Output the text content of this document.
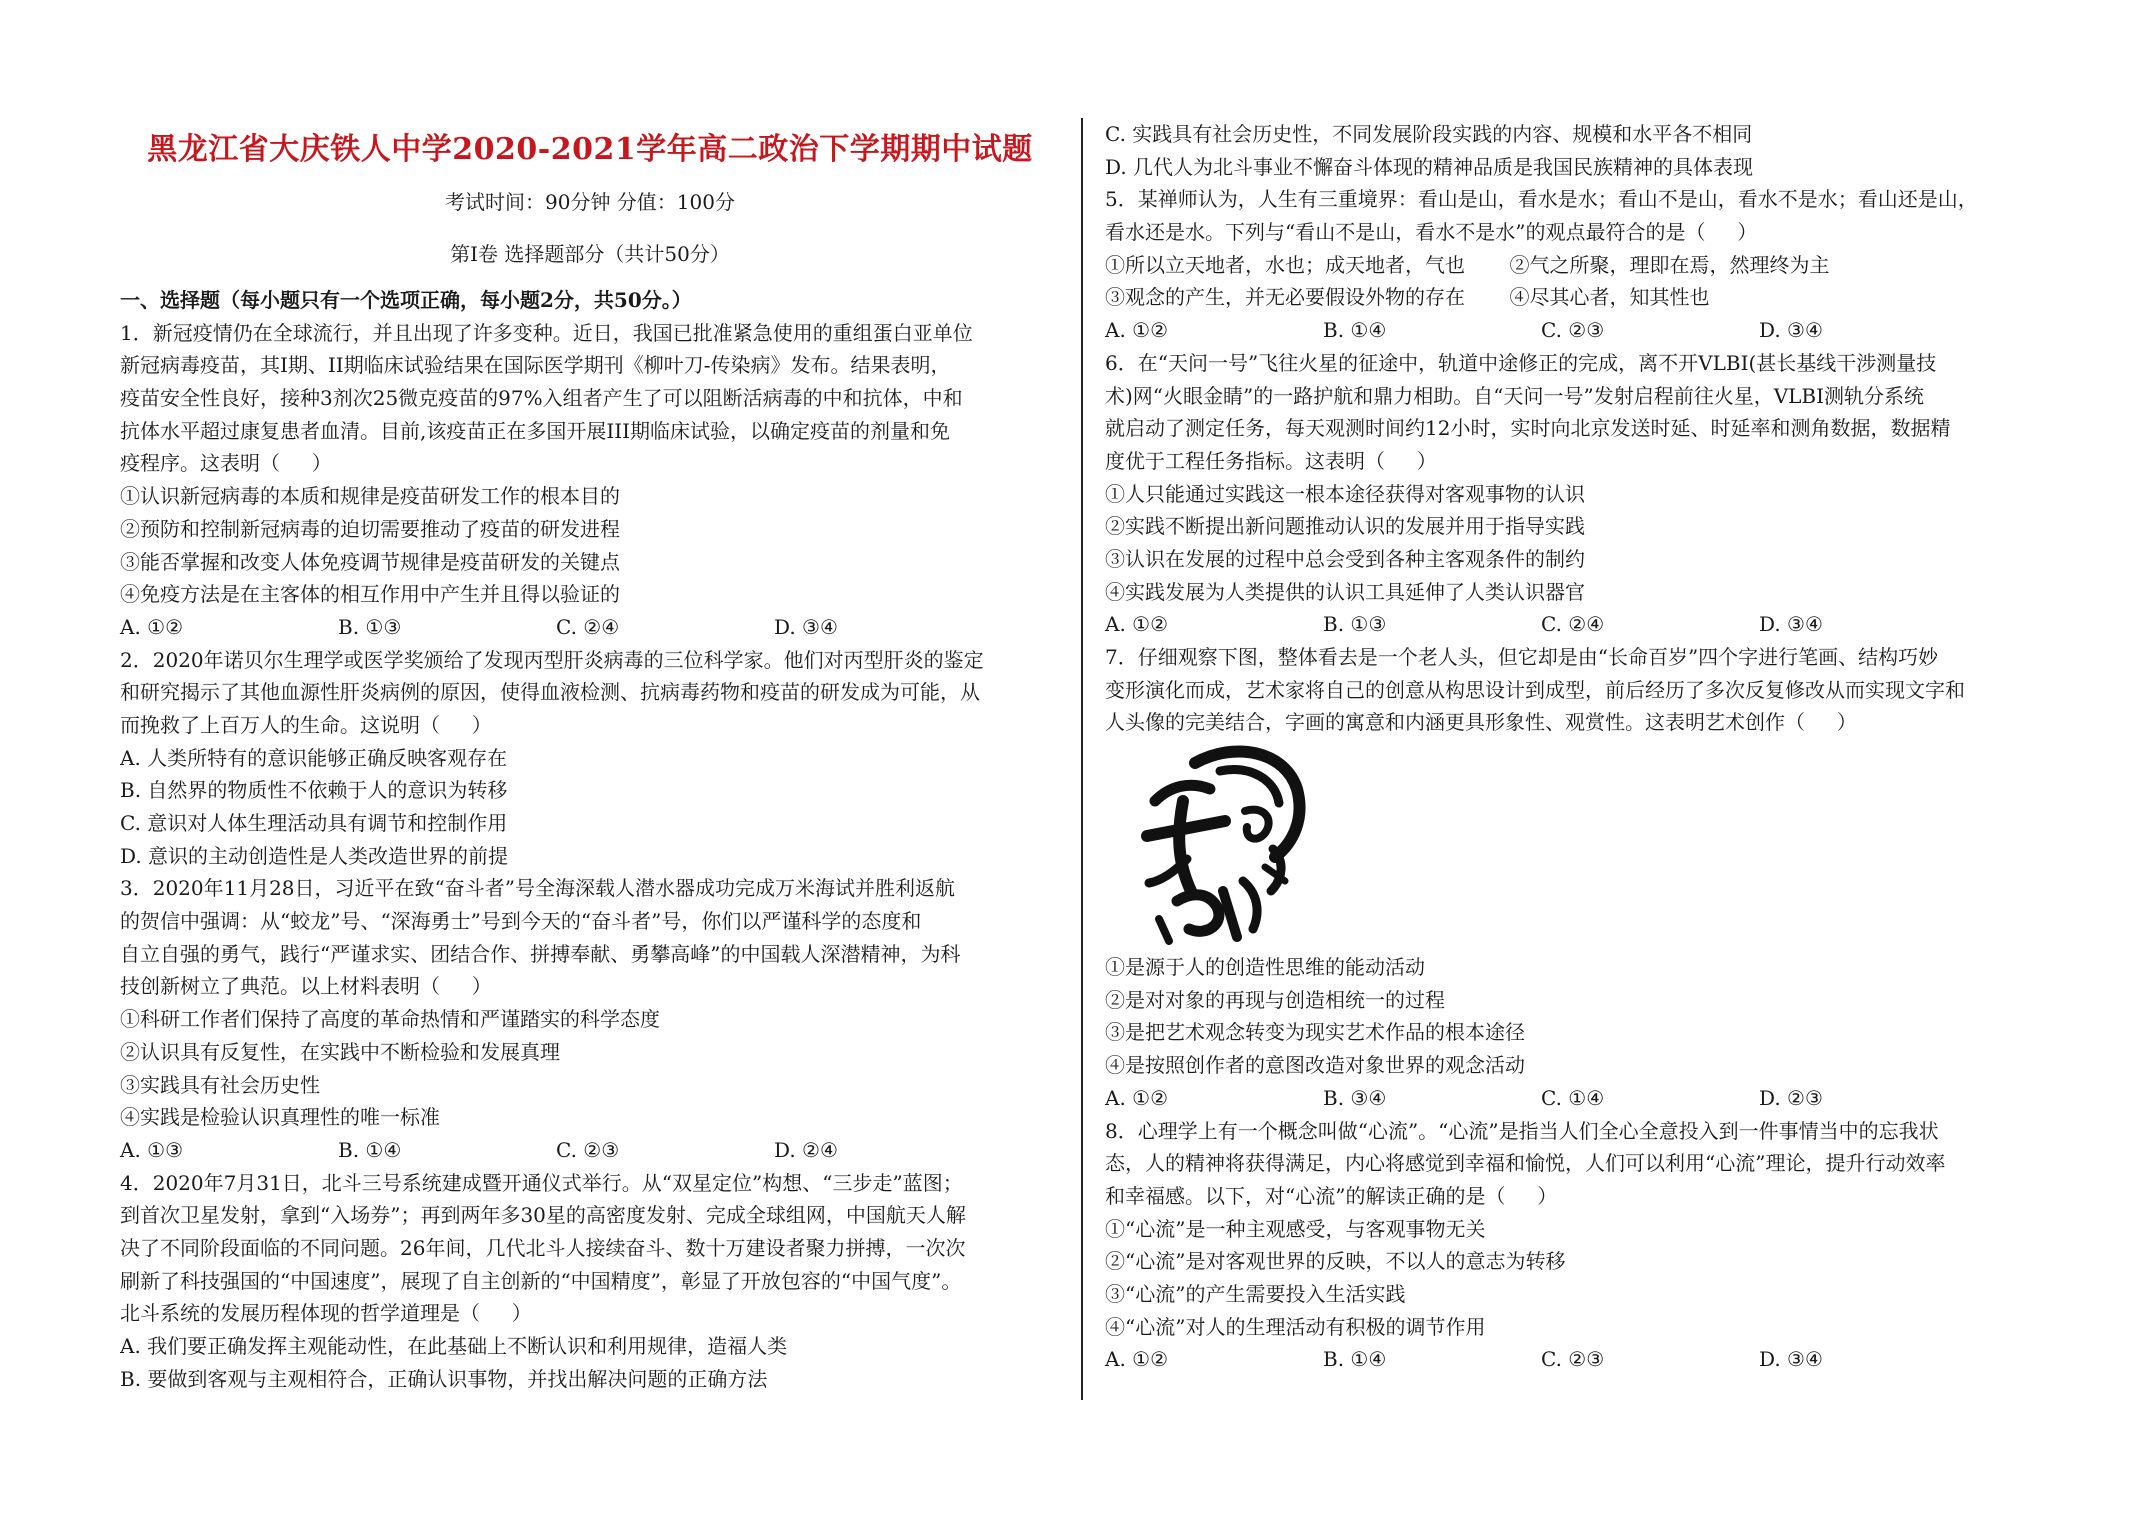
黑龙江省大庆铁人中学2020-2021学年高二政治下学期期中试题
考试时间：90分钟 分值：100分
第Ⅰ卷 选择题部分（共计50分）
一、选择题（每小题只有一个选项正确，每小题2分，共50分。）
1．新冠疫情仍在全球流行，并且出现了许多变种。近日，我国已批准紧急使用的重组蛋白亚单位
新冠病毒疫苗，其Ⅰ期、II期临床试验结果在国际医学期刊《柳叶刀-传染病》发布。结果表明，
疫苗安全性良好，接种3剂次25微克疫苗的97%入组者产生了可以阻断活病毒的中和抗体，中和
抗体水平超过康复患者血清。目前,该疫苗正在多国开展III期临床试验，以确定疫苗的剂量和免
疫程序。这表明（     ）
①认识新冠病毒的本质和规律是疫苗研发工作的根本目的
②预防和控制新冠病毒的迫切需要推动了疫苗的研发进程
③能否掌握和改变人体免疫调节规律是疫苗研发的关键点
④免疫方法是在主客体的相互作用中产生并且得以验证的
A. ①②	B. ①③	C. ②④	D. ③④
2．2020年诺贝尔生理学或医学奖颁给了发现丙型肝炎病毒的三位科学家。他们对丙型肝炎的鉴定
和研究揭示了其他血源性肝炎病例的原因，使得血液检测、抗病毒药物和疫苗的研发成为可能，从
而挽救了上百万人的生命。这说明（     ）
A. 人类所特有的意识能够正确反映客观存在
B. 自然界的物质性不依赖于人的意识为转移
C. 意识对人体生理活动具有调节和控制作用
D. 意识的主动创造性是人类改造世界的前提
3．2020年11月28日，习近平在致“奋斗者”号全海深载人潜水器成功完成万米海试并胜利返航
的贺信中强调：从“蛟龙”号、“深海勇士”号到今天的“奋斗者”号，你们以严谨科学的态度和
自立自强的勇气，践行“严谨求实、团结合作、拼搏奉献、勇攀高峰”的中国载人深潜精神，为科
技创新树立了典范。以上材料表明（     ）
①科研工作者们保持了高度的革命热情和严谨踏实的科学态度
②认识具有反复性，在实践中不断检验和发展真理
③实践具有社会历史性
④实践是检验认识真理性的唯一标准
A. ①③	B. ①④	C. ②③	D. ②④
4．2020年7月31日，北斗三号系统建成暨开通仪式举行。从“双星定位”构想、“三步走”蓝图；
到首次卫星发射，拿到“入场券”；再到两年多30星的高密度发射、完成全球组网，中国航天人解
决了不同阶段面临的不同问题。26年间，几代北斗人接续奋斗、数十万建设者聚力拼搏，一次次
刷新了科技强国的“中国速度”，展现了自主创新的“中国精度”，彰显了开放包容的“中国气度”。
北斗系统的发展历程体现的哲学道理是（     ）
A. 我们要正确发挥主观能动性，在此基础上不断认识和利用规律，造福人类
B. 要做到客观与主观相符合，正确认识事物，并找出解决问题的正确方法
C. 实践具有社会历史性，不同发展阶段实践的内容、规模和水平各不相同
D. 几代人为北斗事业不懈奋斗体现的精神品质是我国民族精神的具体表现
5．某禅师认为，人生有三重境界：看山是山，看水是水；看山不是山，看水不是水；看山还是山，
看水还是水。下列与“看山不是山，看水不是水”的观点最符合的是（     ）
①所以立天地者，水也；成天地者，气也       ②气之所聚，理即在焉，然理终为主
③观念的产生，并无必要假设外物的存在       ④尽其心者，知其性也
A. ①②	B. ①④	C. ②③	D. ③④
6．在“天问一号”飞往火星的征途中，轨道中途修正的完成，离不开VLBI(甚长基线干涉测量技
术)网“火眼金睛”的一路护航和鼎力相助。自“天问一号”发射启程前往火星，VLBI测轨分系统
就启动了测定任务，每天观测时间约12小时，实时向北京发送时延、时延率和测角数据，数据精
度优于工程任务指标。这表明（     ）
①人只能通过实践这一根本途径获得对客观事物的认识
②实践不断提出新问题推动认识的发展并用于指导实践
③认识在发展的过程中总会受到各种主客观条件的制约
④实践发展为人类提供的认识工具延伸了人类认识器官
A. ①②	B. ①③	C. ②④	D. ③④
7．仔细观察下图，整体看去是一个老人头，但它却是由“长命百岁”四个字进行笔画、结构巧妙
变形演化而成，艺术家将自己的创意从构思设计到成型，前后经历了多次反复修改从而实现文字和
人头像的完美结合，字画的寓意和内涵更具形象性、观赏性。这表明艺术创作（     ）
①是源于人的创造性思维的能动活动
②是对对象的再现与创造相统一的过程
③是把艺术观念转变为现实艺术作品的根本途径
④是按照创作者的意图改造对象世界的观念活动
A. ①②	B. ③④	C. ①④	D. ②③
8．心理学上有一个概念叫做“心流”。“心流”是指当人们全心全意投入到一件事情当中的忘我状
态，人的精神将获得满足，内心将感觉到幸福和愉悦，人们可以利用“心流”理论，提升行动效率
和幸福感。以下，对“心流”的解读正确的是（     ）
①“心流”是一种主观感受，与客观事物无关
②“心流”是对客观世界的反映，不以人的意志为转移
③“心流”的产生需要投入生活实践
④“心流”对人的生理活动有积极的调节作用
A. ①②	B. ①④	C. ②③	D. ③④
